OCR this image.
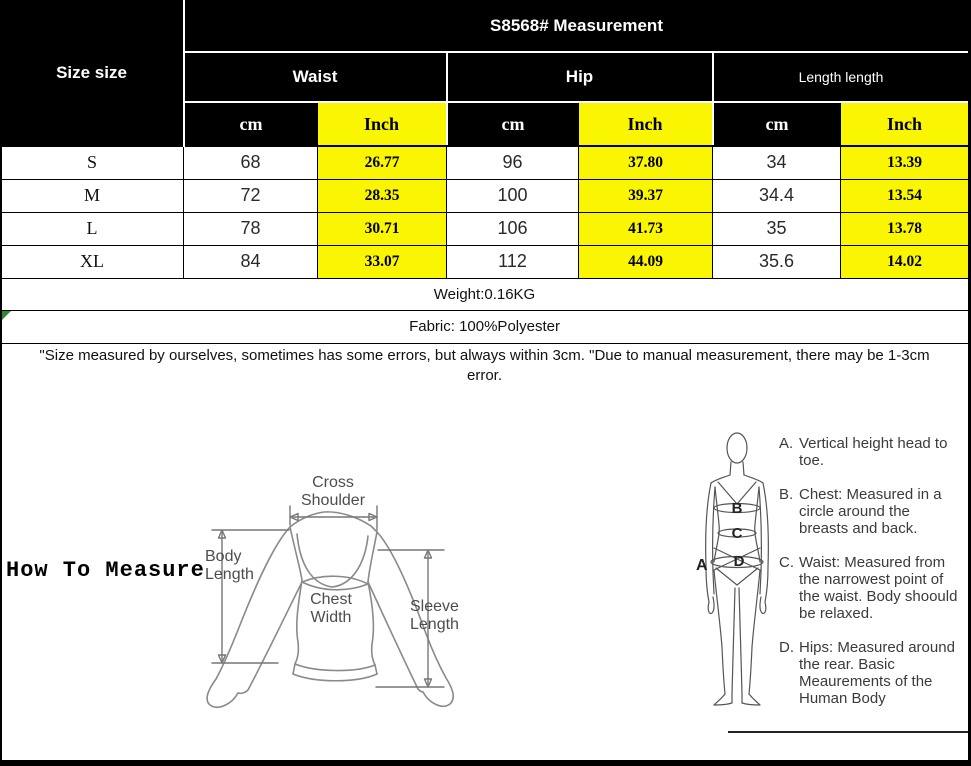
Size size	S8568# Measurement					
	Waist		Hip		Length length	
	cm	Inch	cm	Inch	cm	Inch
S	68	26.77	96	37.80	34	13.39
M	72	28.35	100	39.37	34.4	13.54
L	78	30.71	106	41.73	35	13.78
XL	84	33.07	112	44.09	35.6	14.02
Weight:0.16KG						
Fabric: 100%Polyester						
"Size measured by ourselves, sometimes has some errors, but always within 3cm. "Due to manual measurement, there may be 1-3cm error.						
How To Measure
Cross
Shoulder
Body
Length
Chest
Width
Sleeve
Length
A
B
C
D
A. Vertical height head to toe.
B. Chest: Measured in a circle around the breasts and back.
C. Waist: Measured from the narrowest point of the waist. Body shoould be relaxed.
D. Hips: Measured around the rear. Basic Meaurements of the Human Body
